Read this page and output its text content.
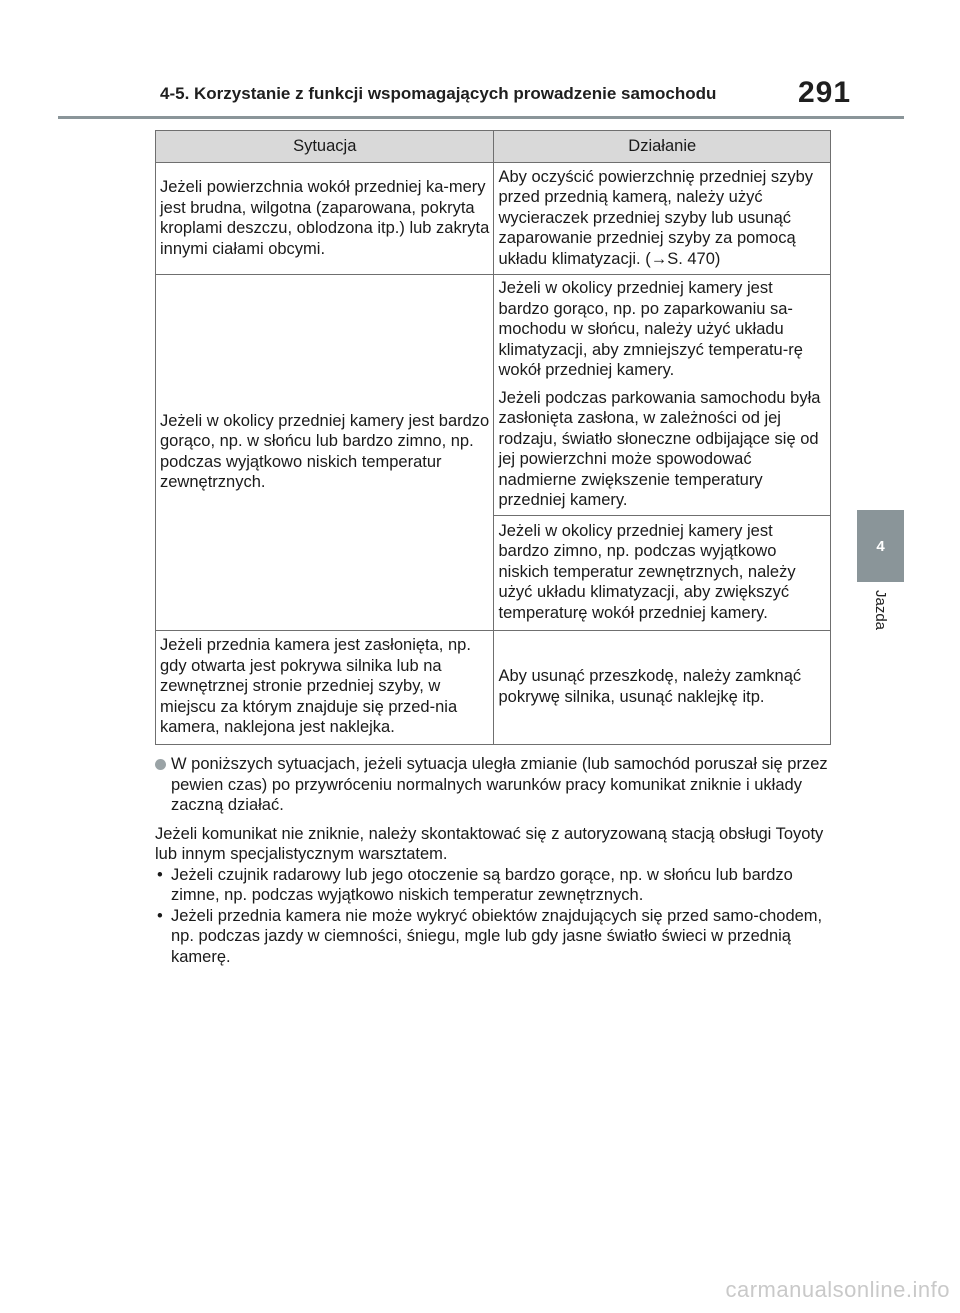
4-5. Korzystanie z funkcji wspomagających prowadzenie samochodu	291
4
Jazda
Sytuacja	Działanie
Jeżeli powierzchnia wokół przedniej ka-mery jest brudna, wilgotna (zaparowana, pokryta kroplami deszczu, oblodzona itp.) lub zakryta innymi ciałami obcymi.	Aby oczyścić powierzchnię przedniej szyby przed przednią kamerą, należy użyć wycieraczek przedniej szyby lub usunąć zaparowanie przedniej szyby za pomocą układu klimatyzacji. (→S. 470)
Jeżeli w okolicy przedniej kamery jest bardzo gorąco, np. w słońcu lub bardzo zimno, np. podczas wyjątkowo niskich temperatur zewnętrznych.	Jeżeli w okolicy przedniej kamery jest bardzo gorąco, np. po zaparkowaniu sa-mochodu w słońcu, należy użyć układu klimatyzacji, aby zmniejszyć temperatu-rę wokół przedniej kamery.

Jeżeli podczas parkowania samochodu była zasłonięta zasłona, w zależności od jej rodzaju, światło słoneczne odbijające się od jej powierzchni może spowodować nadmierne zwiększenie temperatury przedniej kamery.

	Jeżeli w okolicy przedniej kamery jest bardzo zimno, np. podczas wyjątkowo niskich temperatur zewnętrznych, należy użyć układu klimatyzacji, aby zwiększyć temperaturę wokół przedniej kamery.
Jeżeli przednia kamera jest zasłonięta, np. gdy otwarta jest pokrywa silnika lub na zewnętrznej stronie przedniej szyby, w miejscu za którym znajduje się przed-nia kamera, naklejona jest naklejka.	Aby usunąć przeszkodę, należy zamknąć pokrywę silnika, usunąć naklejkę itp.
W poniższych sytuacjach, jeżeli sytuacja uległa zmianie (lub samochód poruszał się przez pewien czas) po przywróceniu normalnych warunków pracy komunikat zniknie i układy zaczną działać.
Jeżeli komunikat nie zniknie, należy skontaktować się z autoryzowaną stacją obsługi Toyoty lub innym specjalistycznym warsztatem.
• Jeżeli czujnik radarowy lub jego otoczenie są bardzo gorące, np. w słońcu lub bardzo zimne, np. podczas wyjątkowo niskich temperatur zewnętrznych.
• Jeżeli przednia kamera nie może wykryć obiektów znajdujących się przed samo-chodem, np. podczas jazdy w ciemności, śniegu, mgle lub gdy jasne światło świeci w przednią kamerę.
carmanualsonline.info
